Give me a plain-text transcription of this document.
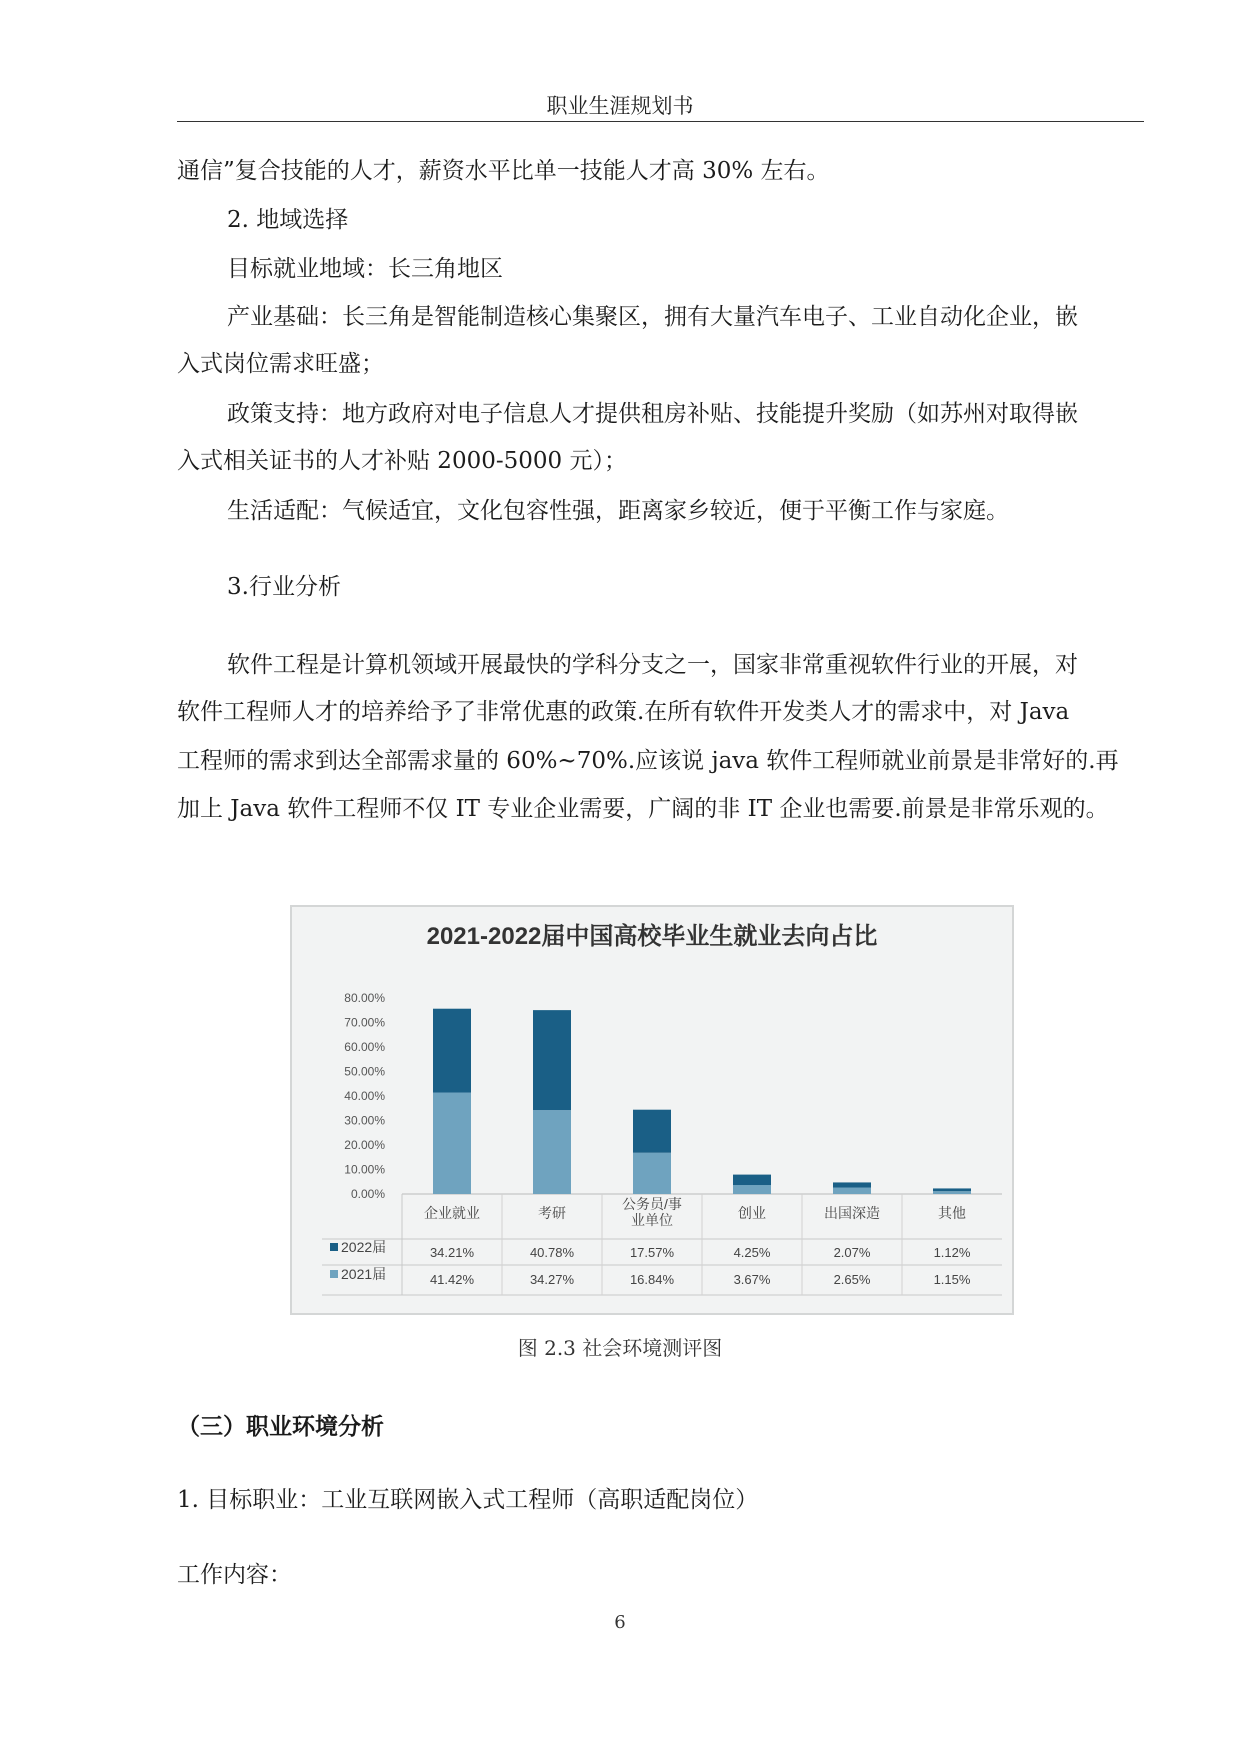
职业生涯规划书
通信”复合技能的人才，薪资水平比单一技能人才高 30% 左右。
2. 地域选择
目标就业地域：长三角地区
产业基础：长三角是智能制造核心集聚区，拥有大量汽车电子、工业自动化企业，嵌
入式岗位需求旺盛；
政策支持：地方政府对电子信息人才提供租房补贴、技能提升奖励（如苏州对取得嵌
入式相关证书的人才补贴 2000-5000 元）；
生活适配：气候适宜，文化包容性强，距离家乡较近，便于平衡工作与家庭。
3.行业分析
软件工程是计算机领域开展最快的学科分支之一，国家非常重视软件行业的开展，对
软件工程师人才的培养给予了非常优惠的政策.在所有软件开发类人才的需求中，对 Java
工程师的需求到达全部需求量的 60%~70%.应该说 java 软件工程师就业前景是非常好的.再
加上 Java 软件工程师不仅 IT 专业企业需要，广阔的非 IT 企业也需要.前景是非常乐观的。
2021-2022届中国高校毕业生就业去向占比
0.00%
10.00%
20.00%
30.00%
40.00%
50.00%
60.00%
70.00%
80.00%
企业就业
34.21%
41.42%
考研
40.78%
34.27%
公务员/事
业单位
17.57%
16.84%
创业
4.25%
3.67%
出国深造
2.07%
2.65%
其他
1.12%
1.15%
2022届
2021届
图 2.3 社会环境测评图
（三）职业环境分析
1. 目标职业：工业互联网嵌入式工程师（高职适配岗位）
工作内容：
6
